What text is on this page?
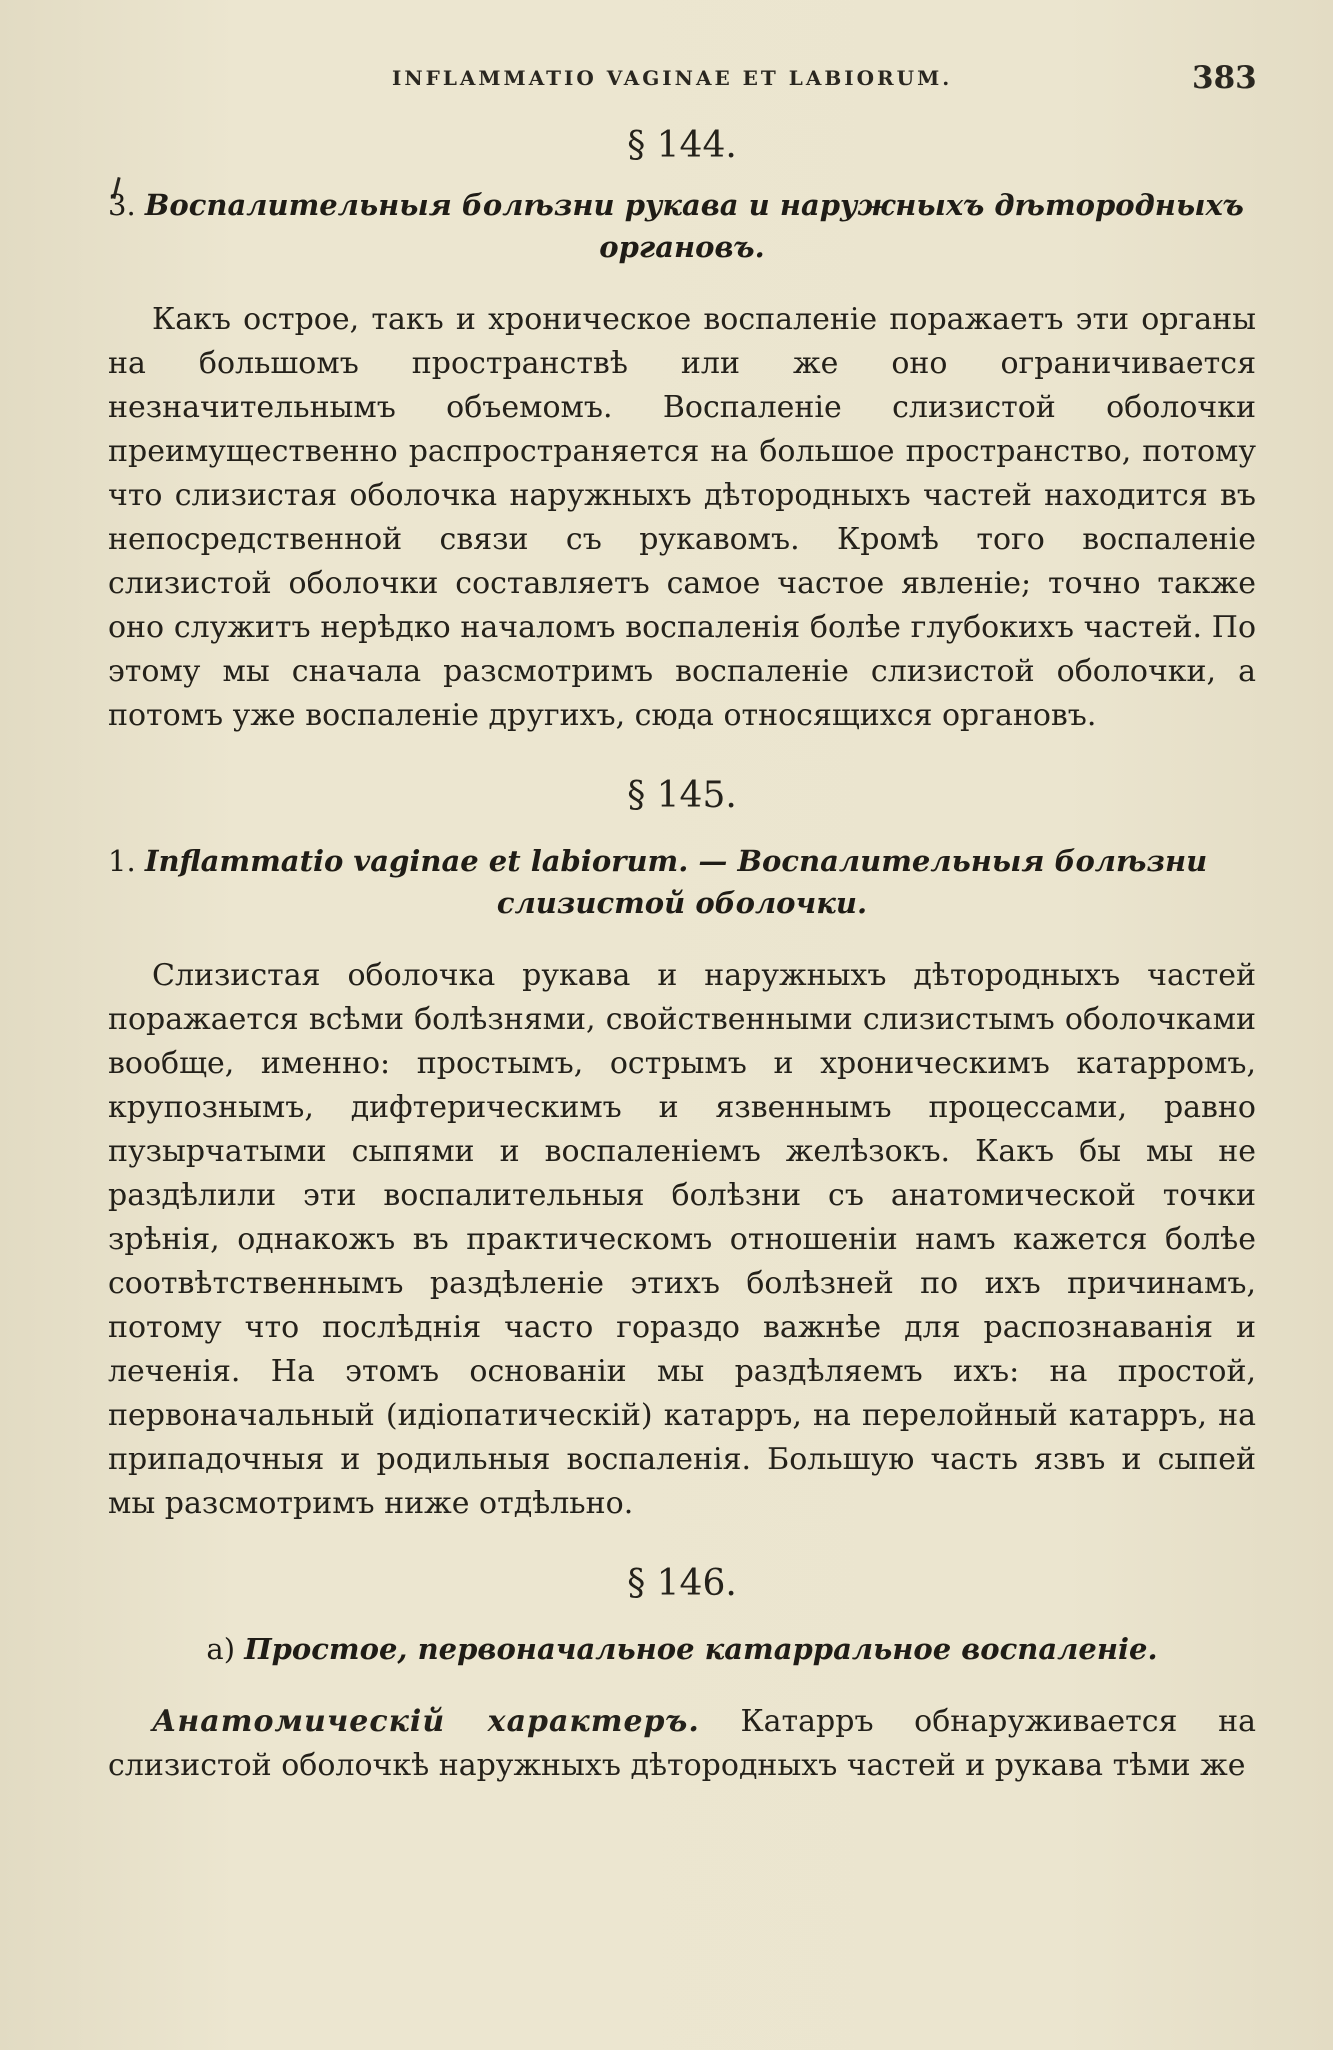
INFLAMMATIO VAGINAE ET LABIORUM.	383

§ 144.

3. Воспалительныя болѣзни рукава и наружныхъ дѣтородныхъ
органовъ.

Какъ острое, такъ и хроническое воспаленіе поражаетъ эти органы на большомъ пространствѣ или же оно ограничивается незначительнымъ объемомъ. Воспаленіе слизистой оболочки преимущественно распространяется на большое пространство, потому что слизистая оболочка наружныхъ дѣтородныхъ частей находится въ непосредственной связи съ рукавомъ. Кромѣ того воспаленіе слизистой оболочки составляетъ самое частое явленіе; точно также оно служитъ нерѣдко началомъ воспаленія болѣе глубокихъ частей. По этому мы сначала разсмотримъ воспаленіе слизистой оболочки, а потомъ уже воспаленіе другихъ, сюда относящихся органовъ.

§ 145.

1. Inflammatio vaginae et labiorum. — Воспалительныя болѣзни
слизистой оболочки.

Слизистая оболочка рукава и наружныхъ дѣтородныхъ частей поражается всѣми болѣзнями, свойственными слизистымъ оболочками вообще, именно: простымъ, острымъ и хроническимъ катарромъ, крупознымъ, дифтерическимъ и язвеннымъ процессами, равно пузырчатыми сыпями и воспаленіемъ желѣзокъ. Какъ бы мы не раздѣлили эти воспалительныя болѣзни съ анатомической точки зрѣнія, однакожъ въ практическомъ отношеніи намъ кажется болѣе соотвѣтственнымъ раздѣленіе этихъ болѣзней по ихъ причинамъ, потому что послѣднія часто гораздо важнѣе для распознаванія и леченія. На этомъ основаніи мы раздѣляемъ ихъ: на простой, первоначальный (идіопатическій) катарръ, на перелойный катарръ, на припадочныя и родильныя воспаленія. Большую часть язвъ и сыпей мы разсмотримъ ниже отдѣльно.

§ 146.

а) Простое, первоначальное катарральное воспаленіе.

Анатомическій характеръ. Катарръ обнаруживается на слизистой оболочкѣ наружныхъ дѣтородныхъ частей и рукава тѣми же
